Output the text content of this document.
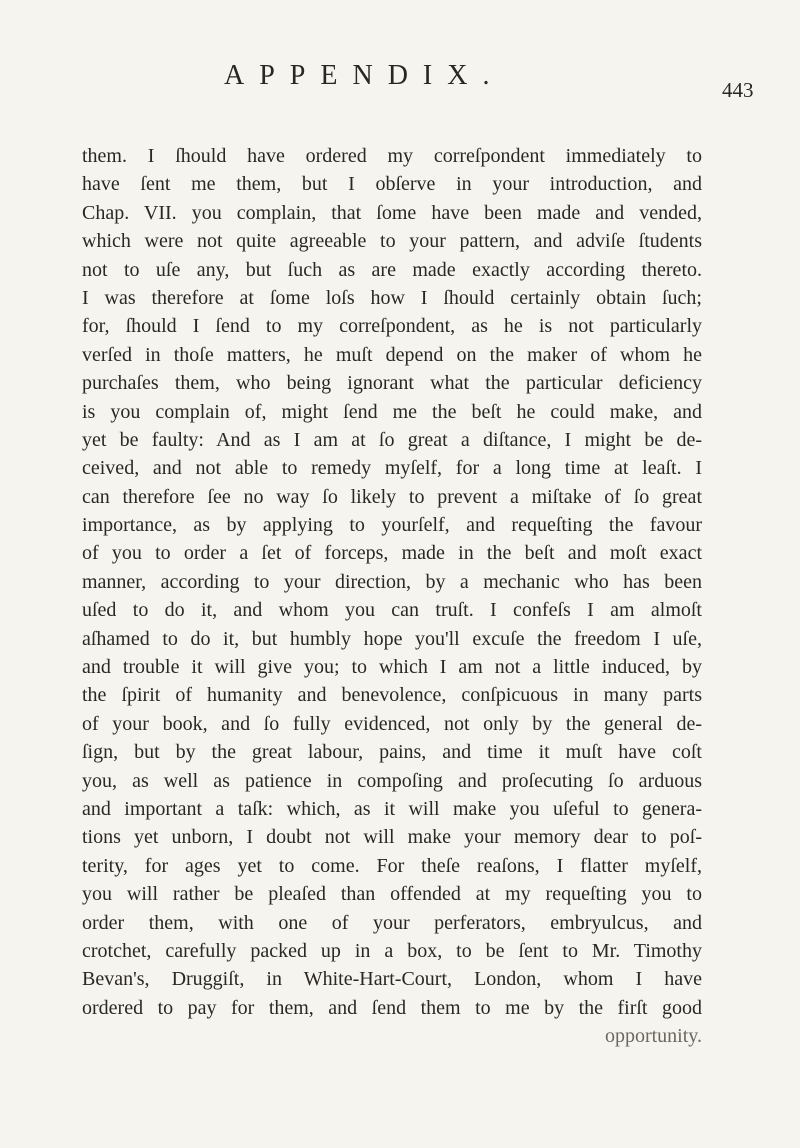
APPENDIX.	443
them. I ſhould have ordered my correſpondent immediately to
have ſent me them, but I obſerve in your introduction, and
Chap. VII. you complain, that ſome have been made and vended,
which were not quite agreeable to your pattern, and adviſe ſtudents
not to uſe any, but ſuch as are made exactly according thereto.
I was therefore at ſome loſs how I ſhould certainly obtain ſuch;
for, ſhould I ſend to my correſpondent, as he is not particularly
verſed in thoſe matters, he muſt depend on the maker of whom he
purchaſes them, who being ignorant what the particular deficiency
is you complain of, might ſend me the beſt he could make, and
yet be faulty: And as I am at ſo great a diſtance, I might be de-
ceived, and not able to remedy myſelf, for a long time at leaſt. I
can therefore ſee no way ſo likely to prevent a miſtake of ſo great
importance, as by applying to yourſelf, and requeſting the favour
of you to order a ſet of forceps, made in the beſt and moſt exact
manner, according to your direction, by a mechanic who has been
uſed to do it, and whom you can truſt. I confeſs I am almoſt
aſhamed to do it, but humbly hope you'll excuſe the freedom I uſe,
and trouble it will give you; to which I am not a little induced, by
the ſpirit of humanity and benevolence, conſpicuous in many parts
of your book, and ſo fully evidenced, not only by the general de-
ſign, but by the great labour, pains, and time it muſt have coſt
you, as well as patience in compoſing and proſecuting ſo arduous
and important a taſk: which, as it will make you uſeful to genera-
tions yet unborn, I doubt not will make your memory dear to poſ-
terity, for ages yet to come. For theſe reaſons, I flatter myſelf,
you will rather be pleaſed than offended at my requeſting you to
order them, with one of your perferators, embryulcus, and
crotchet, carefully packed up in a box, to be ſent to Mr. Timothy
Bevan's, Druggiſt, in White-Hart-Court, London, whom I have
ordered to pay for them, and ſend them to me by the firſt good
opportunity.
